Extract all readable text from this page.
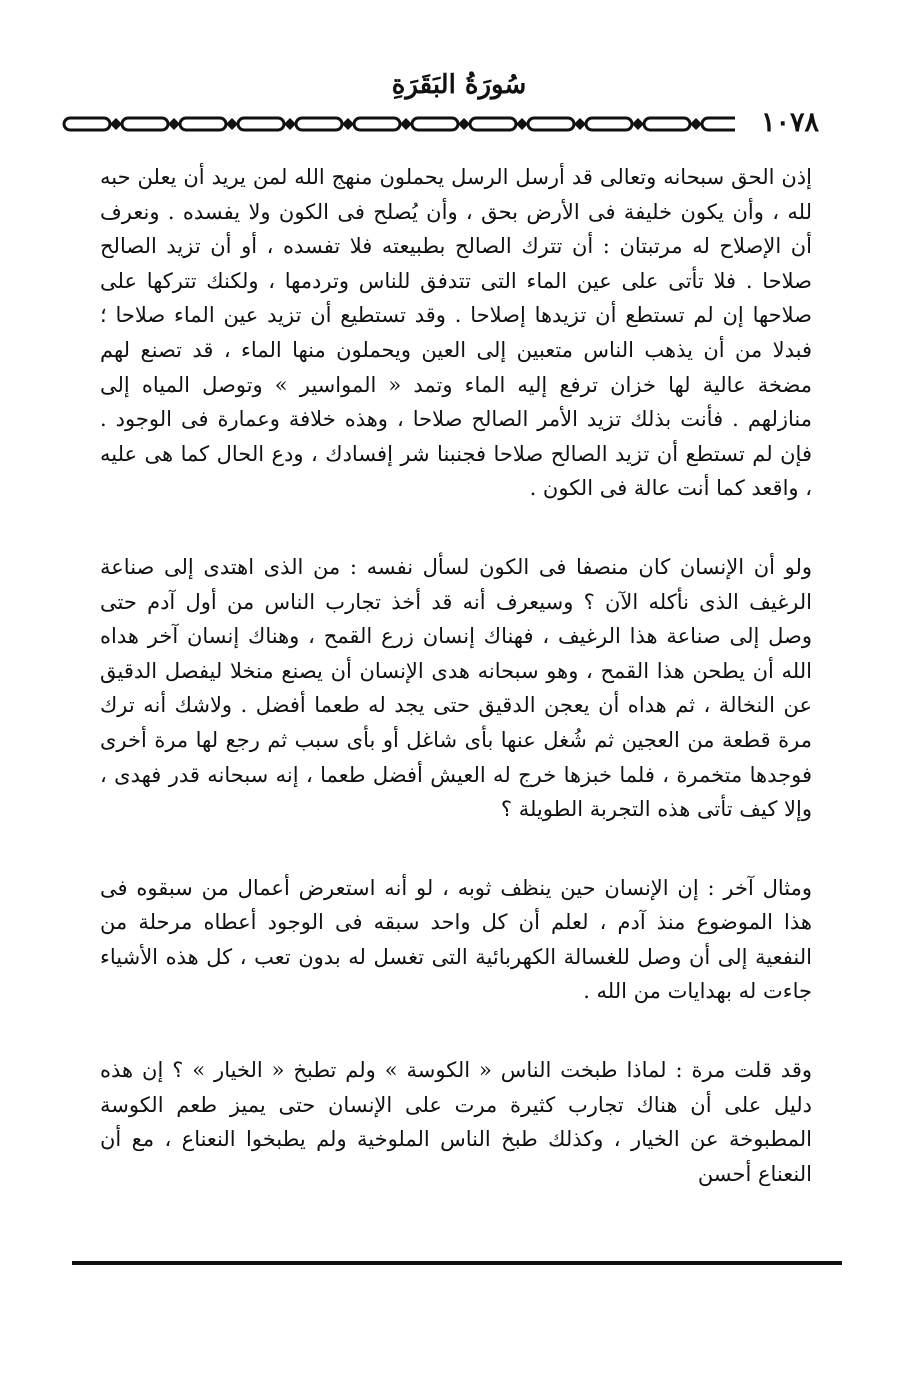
سُورَةُ البَقَرَةِ
١٠٧٨

إذن الحق سبحانه وتعالى قد أرسل الرسل يحملون منهج الله لمن يريد أن يعلن حبه لله ، وأن يكون خليفة فى الأرض بحق ، وأن يُصلح فى الكون ولا يفسده . ونعرف أن الإصلاح له مرتبتان : أن تترك الصالح بطبيعته فلا تفسده ، أو أن تزيد الصالح صلاحا . فلا تأتى على عين الماء التى تتدفق للناس وتردمها ، ولكنك تتركها على صلاحها إن لم تستطع أن تزيدها إصلاحا . وقد تستطيع أن تزيد عين الماء صلاحا ؛ فبدلا من أن يذهب الناس متعبين إلى العين ويحملون منها الماء ، قد تصنع لهم مضخة عالية لها خزان ترفع إليه الماء وتمد « المواسير » وتوصل المياه إلى منازلهم . فأنت بذلك تزيد الأمر الصالح صلاحا ، وهذه خلافة وعمارة فى الوجود . فإن لم تستطع أن تزيد الصالح صلاحا فجنبنا شر إفسادك ، ودع الحال كما هى عليه ، واقعد كما أنت عالة فى الكون .

ولو أن الإنسان كان منصفا فى الكون لسأل نفسه : من الذى اهتدى إلى صناعة الرغيف الذى نأكله الآن ؟ وسيعرف أنه قد أخذ تجارب الناس من أول آدم حتى وصل إلى صناعة هذا الرغيف ، فهناك إنسان زرع القمح ، وهناك إنسان آخر هداه الله أن يطحن هذا القمح ، وهو سبحانه هدى الإنسان أن يصنع منخلا ليفصل الدقيق عن النخالة ، ثم هداه أن يعجن الدقيق حتى يجد له طعما أفضل . ولاشك أنه ترك مرة قطعة من العجين ثم شُغل عنها بأى شاغل أو بأى سبب ثم رجع لها مرة أخرى فوجدها متخمرة ، فلما خبزها خرج له العيش أفضل طعما ، إنه سبحانه قدر فهدى ، وإلا كيف تأتى هذه التجربة الطويلة ؟

ومثال آخر : إن الإنسان حين ينظف ثوبه ، لو أنه استعرض أعمال من سبقوه فى هذا الموضوع منذ آدم ، لعلم أن كل واحد سبقه فى الوجود أعطاه مرحلة من النفعية إلى أن وصل للغسالة الكهربائية التى تغسل له بدون تعب ، كل هذه الأشياء جاءت له بهدايات من الله .

وقد قلت مرة : لماذا طبخت الناس « الكوسة » ولم تطبخ « الخيار » ؟ إن هذه دليل على أن هناك تجارب كثيرة مرت على الإنسان حتى يميز طعم الكوسة المطبوخة عن الخيار ، وكذلك طبخ الناس الملوخية ولم يطبخوا النعناع ، مع أن النعناع أحسن
